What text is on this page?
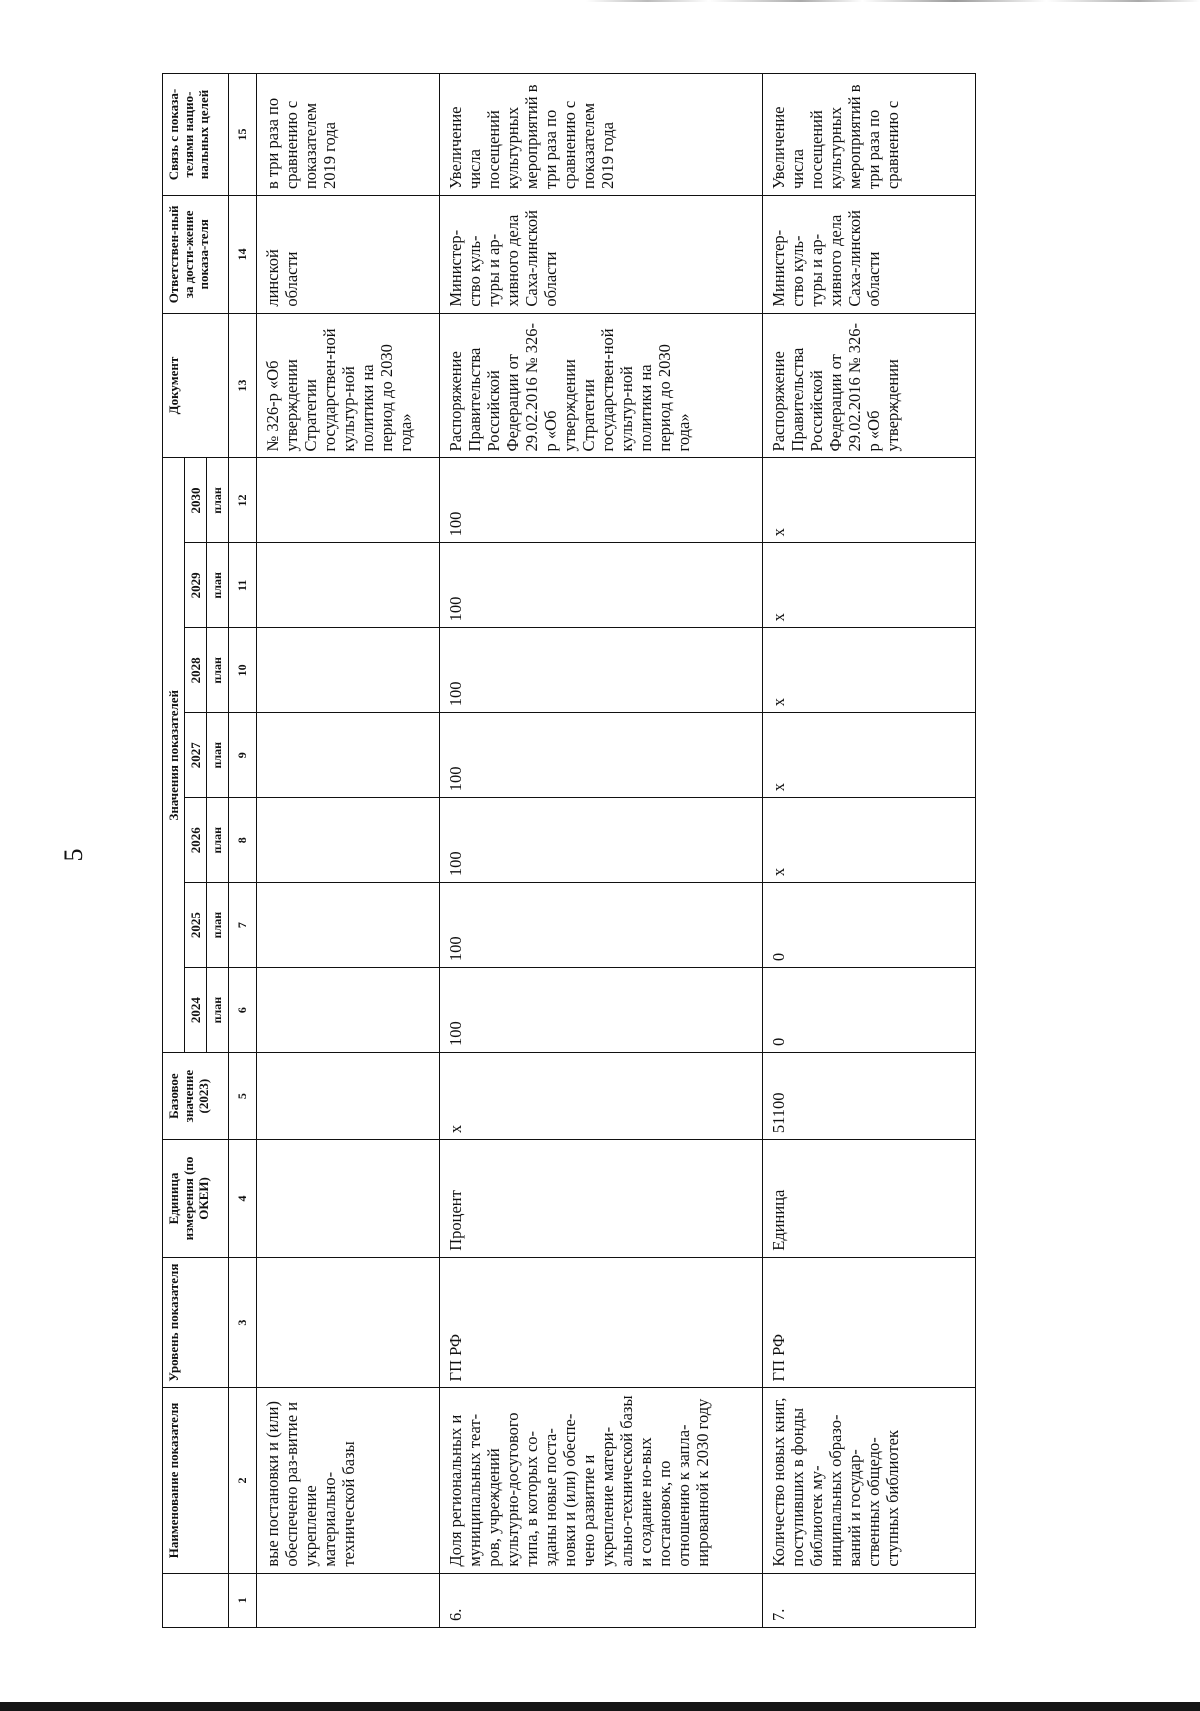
5
	Наименование показателя	Уровень показателя	Единица измерения (по ОКЕИ)	Базовое значение (2023)	Значения показателей							Документ	Ответствен-ный за дости-жение показа-теля	Связь с показа-телями нацио-нальных целей
					2024	2025	2026	2027	2028	2029	2030			
					план	план	план	план	план	план	план			
1	2	3	4	5	6	7	8	9	10	11	12	13	14	15
	вые постановки и (или) обеспечено раз-витие и укрепление материально-технической базы											№ 326-р «Об утверждении Стратегии государствен-ной культур-ной политики на период до 2030 года»	линской области	в три раза по сравнению с показателем 2019 года
6.	Доля региональных и муниципальных теат-ров, учреждений культурно-досугового типа, в которых со-зданы новые поста-новки и (или) обеспе-чено развитие и укрепление матери-ально-технической базы и создание но-вых постановок, по отношению к запла-нированной к 2030 году	ГП РФ	Процент	х	100	100	100	100	100	100	100	Распоряжение Правительства Российской Федерации от 29.02.2016 № 326-р «Об утверждении Стратегии государствен-ной культур-ной политики на период до 2030 года»	Министер-ство куль-туры и ар-хивного дела Саха-линской области	Увеличение числа посещений культурных мероприятий в три раза по сравнению с показателем 2019 года
7.	Количество новых книг, поступивших в фонды библиотек му-ниципальных образо-ваний и государ-ственных общедо-ступных библиотек	ГП РФ	Единица	51100	0	0	х	х	х	х	х	Распоряжение Правительства Российской Федерации от 29.02.2016 № 326-р «Об утверждении	Министер-ство куль-туры и ар-хивного дела Саха-линской области	Увеличение числа посещений культурных мероприятий в три раза по сравнению с
